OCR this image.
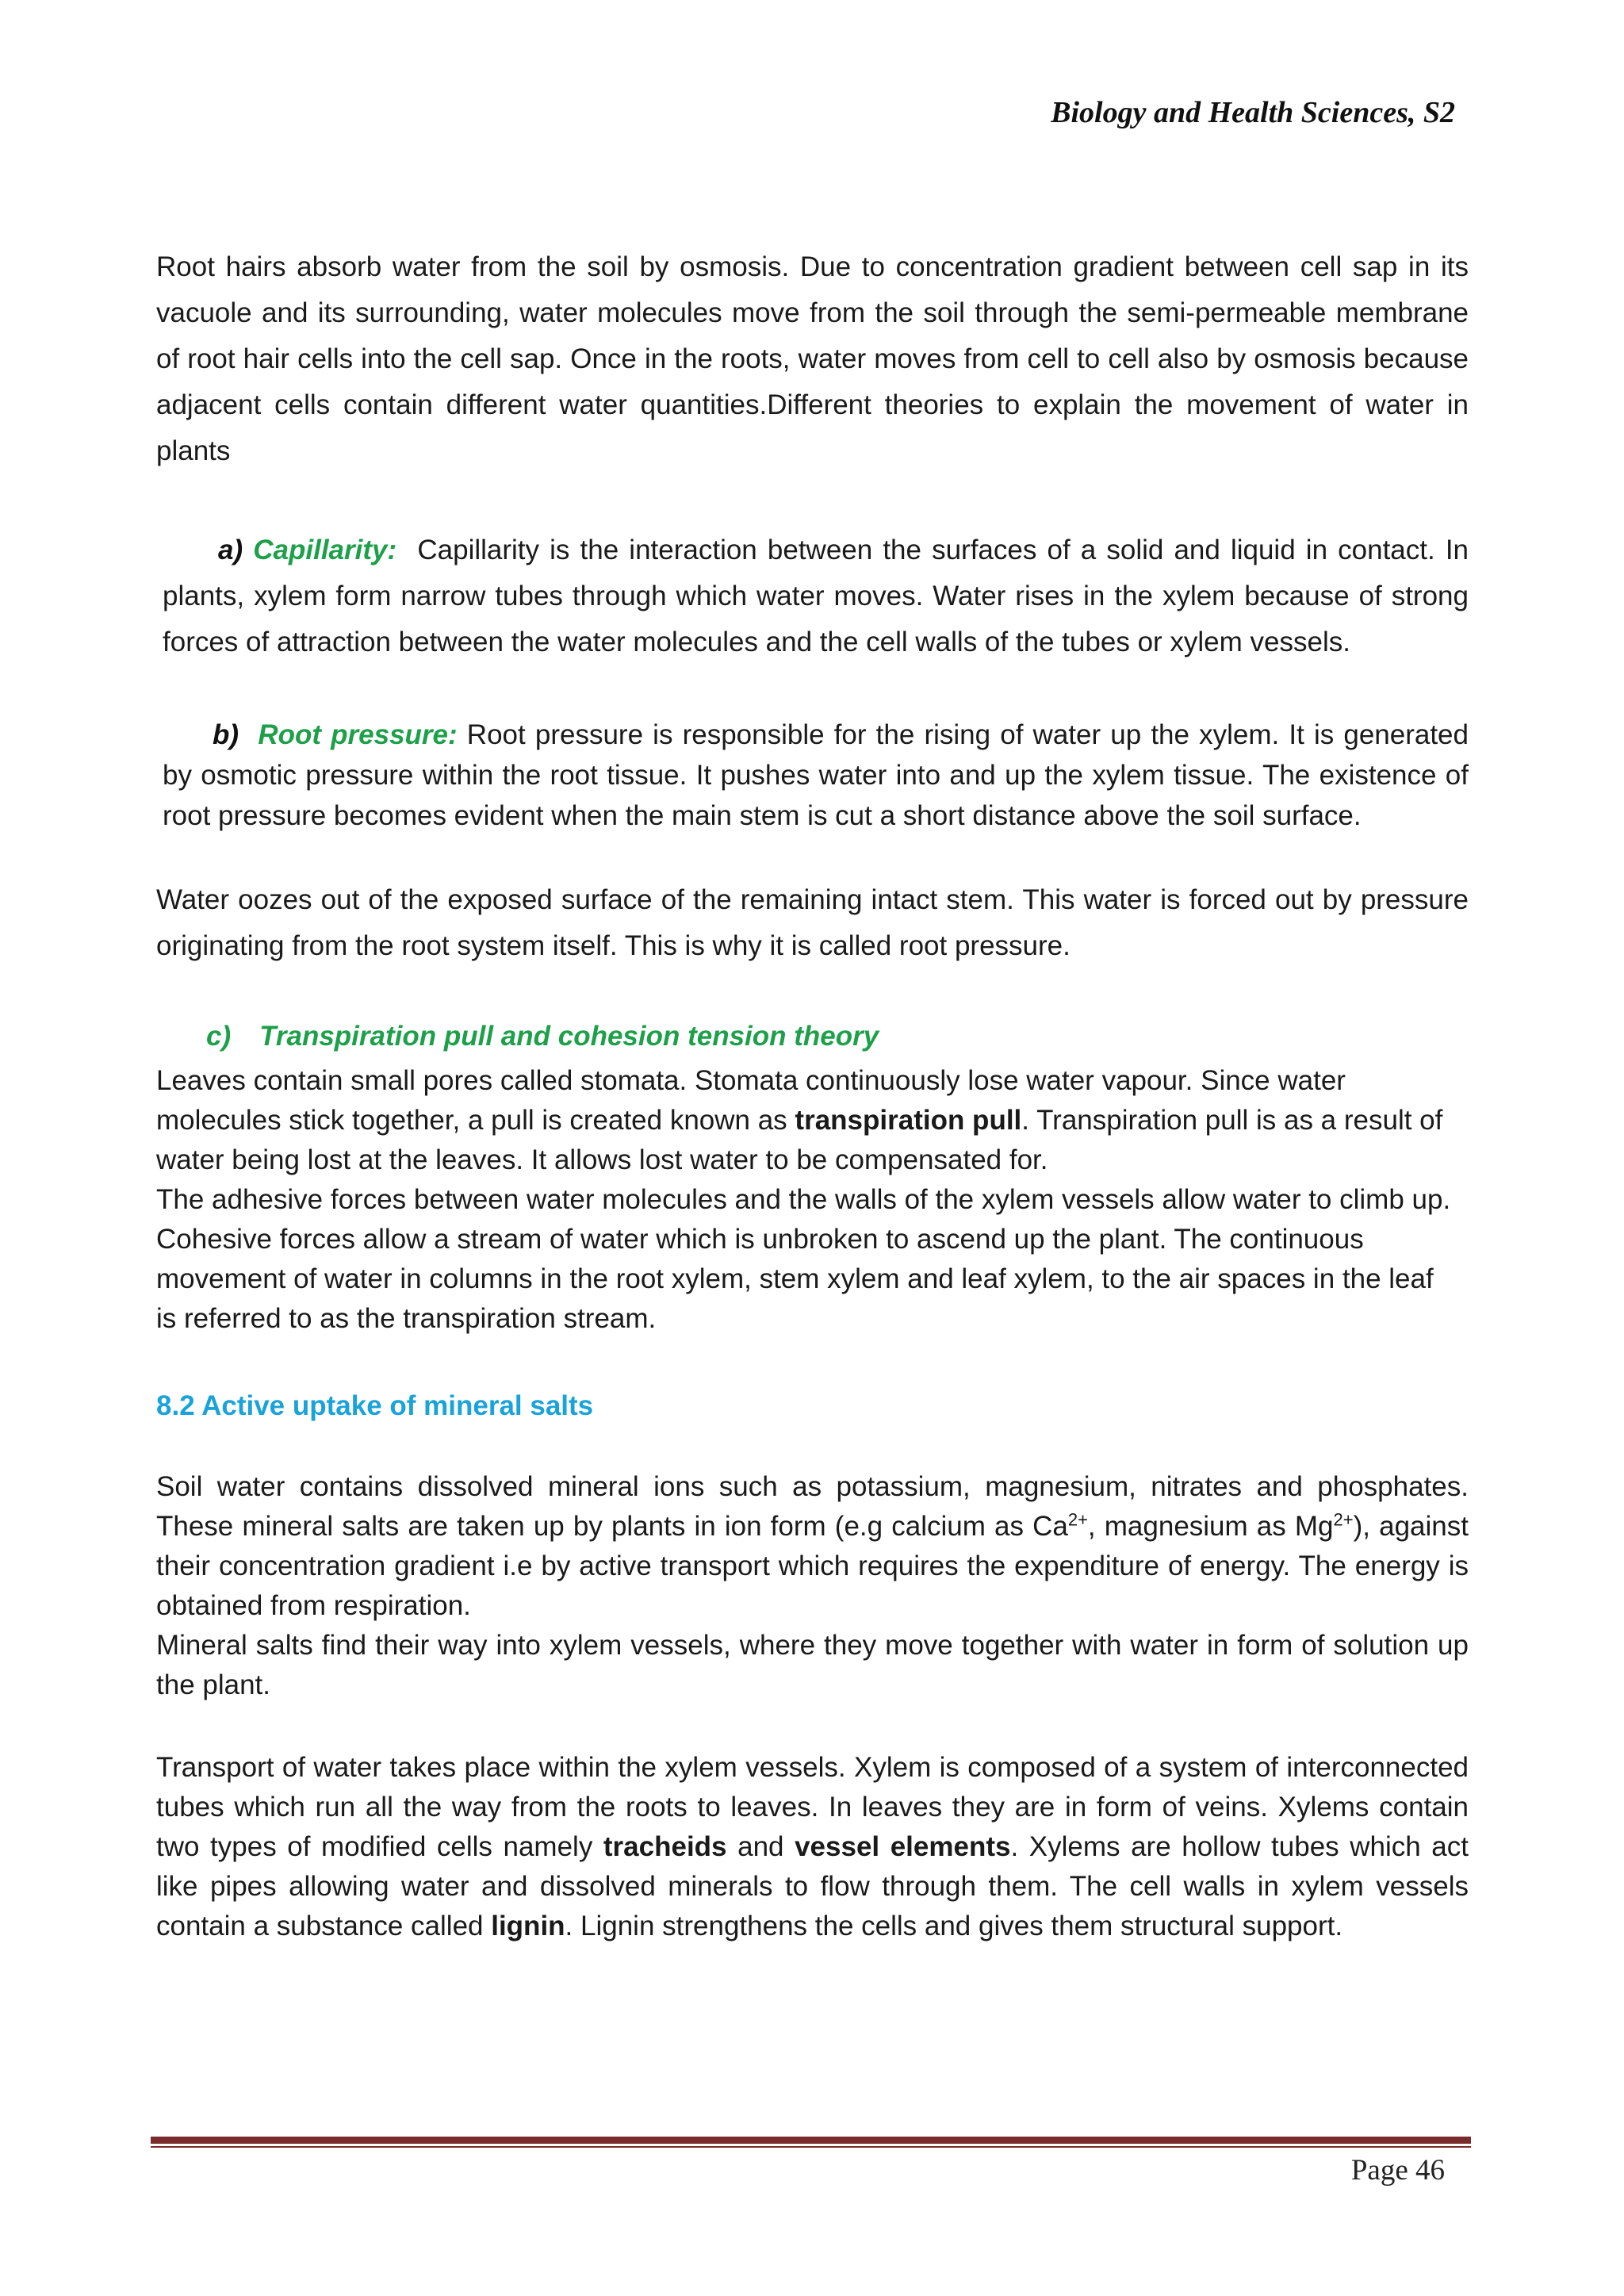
Biology and Health Sciences, S2

Root hairs absorb water from the soil by osmosis. Due to concentration gradient between cell sap in its vacuole and its surrounding, water molecules move from the soil through the semi-permeable membrane of root hair cells into the cell sap. Once in the roots, water moves from cell to cell also by osmosis because adjacent cells contain different water quantities.Different theories to explain the movement of water in plants

a) Capillarity: Capillarity is the interaction between the surfaces of a solid and liquid in contact. In plants, xylem form narrow tubes through which water moves. Water rises in the xylem because of strong forces of attraction between the water molecules and the cell walls of the tubes or xylem vessels.

b) Root pressure: Root pressure is responsible for the rising of water up the xylem. It is generated by osmotic pressure within the root tissue. It pushes water into and up the xylem tissue. The existence of root pressure becomes evident when the main stem is cut a short distance above the soil surface.

Water oozes out of the exposed surface of the remaining intact stem. This water is forced out by pressure originating from the root system itself. This is why it is called root pressure.

c) Transpiration pull and cohesion tension theory

Leaves contain small pores called stomata. Stomata continuously lose water vapour. Since water molecules stick together, a pull is created known as transpiration pull. Transpiration pull is as a result of water being lost at the leaves. It allows lost water to be compensated for.

The adhesive forces between water molecules and the walls of the xylem vessels allow water to climb up. Cohesive forces allow a stream of water which is unbroken to ascend up the plant. The continuous movement of water in columns in the root xylem, stem xylem and leaf xylem, to the air spaces in the leaf is referred to as the transpiration stream.

8.2 Active uptake of mineral salts

Soil water contains dissolved mineral ions such as potassium, magnesium, nitrates and phosphates. These mineral salts are taken up by plants in ion form (e.g calcium as $Ca^{2+}$, magnesium as $Mg^{2+}$), against their concentration gradient i.e by active transport which requires the expenditure of energy. The energy is obtained from respiration.

Mineral salts find their way into xylem vessels, where they move together with water in form of solution up the plant.

Transport of water takes place within the xylem vessels. Xylem is composed of a system of interconnected tubes which run all the way from the roots to leaves. In leaves they are in form of veins. Xylems contain two types of modified cells namely tracheids and vessel elements. Xylems are hollow tubes which act like pipes allowing water and dissolved minerals to flow through them. The cell walls in xylem vessels contain a substance called lignin. Lignin strengthens the cells and gives them structural support.

Page 46
